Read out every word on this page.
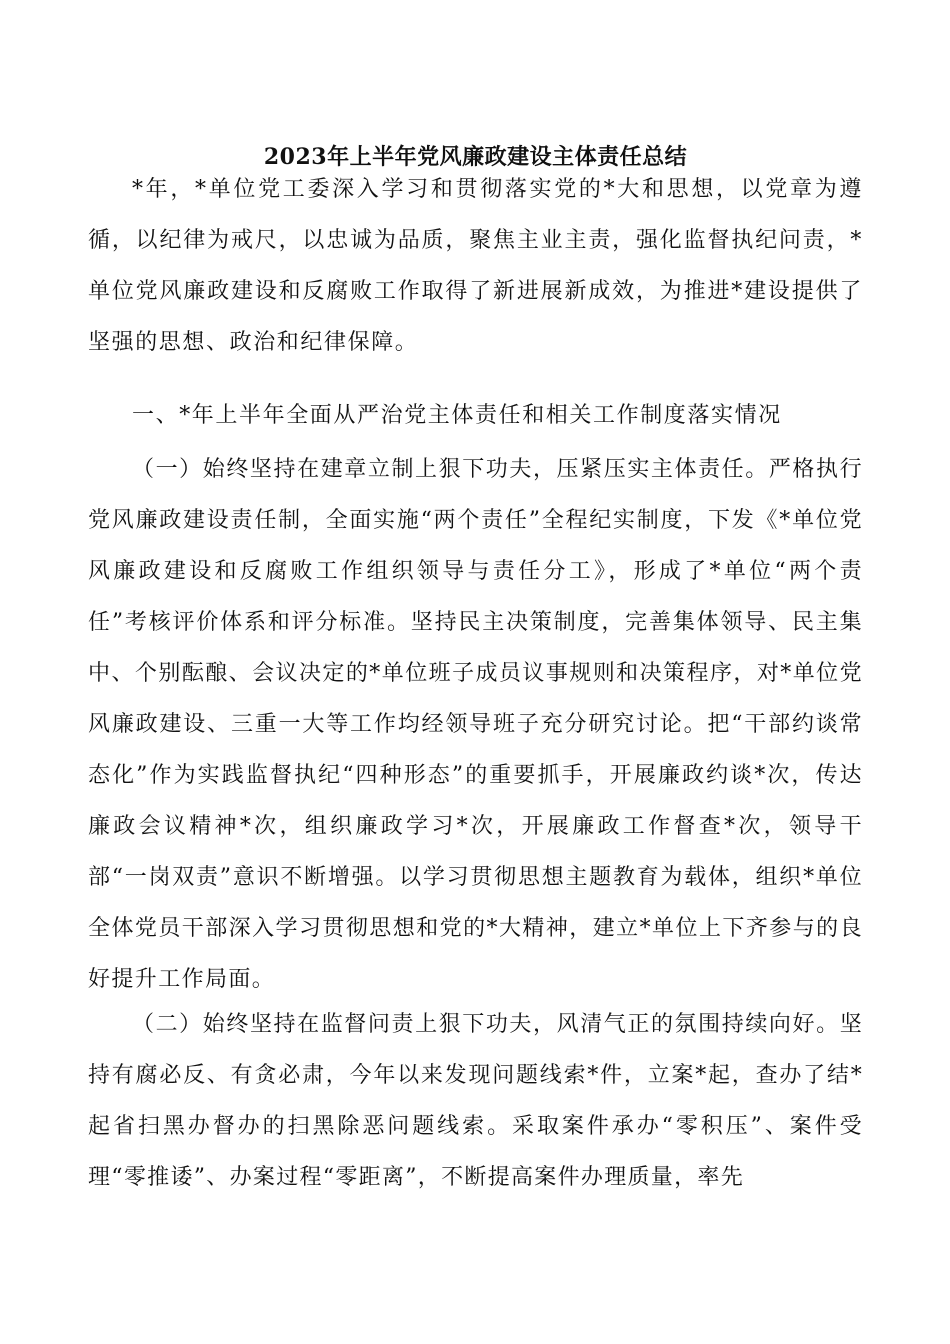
2023年上半年党风廉政建设主体责任总结

*年，*单位党工委深入学习和贯彻落实党的*大和思想，以党章为遵循，以纪律为戒尺，以忠诚为品质，聚焦主业主责，强化监督执纪问责，*单位党风廉政建设和反腐败工作取得了新进展新成效，为推进*建设提供了坚强的思想、政治和纪律保障。

一、*年上半年全面从严治党主体责任和相关工作制度落实情况

（一）始终坚持在建章立制上狠下功夫，压紧压实主体责任。严格执行党风廉政建设责任制，全面实施“两个责任”全程纪实制度，下发《*单位党风廉政建设和反腐败工作组织领导与责任分工》，形成了*单位“两个责任”考核评价体系和评分标准。坚持民主决策制度，完善集体领导、民主集中、个别酝酿、会议决定的*单位班子成员议事规则和决策程序，对*单位党风廉政建设、三重一大等工作均经领导班子充分研究讨论。把“干部约谈常态化”作为实践监督执纪“四种形态”的重要抓手，开展廉政约谈*次，传达廉政会议精神*次，组织廉政学习*次，开展廉政工作督查*次，领导干部“一岗双责”意识不断增强。以学习贯彻思想主题教育为载体，组织*单位全体党员干部深入学习贯彻思想和党的*大精神，建立*单位上下齐参与的良好提升工作局面。

（二）始终坚持在监督问责上狠下功夫，风清气正的氛围持续向好。坚持有腐必反、有贪必肃，今年以来发现问题线索*件，立案*起，查办了结*起省扫黑办督办的扫黑除恶问题线索。采取案件承办“零积压”、案件受理“零推诿”、办案过程“零距离”，不断提高案件办理质量，率先
